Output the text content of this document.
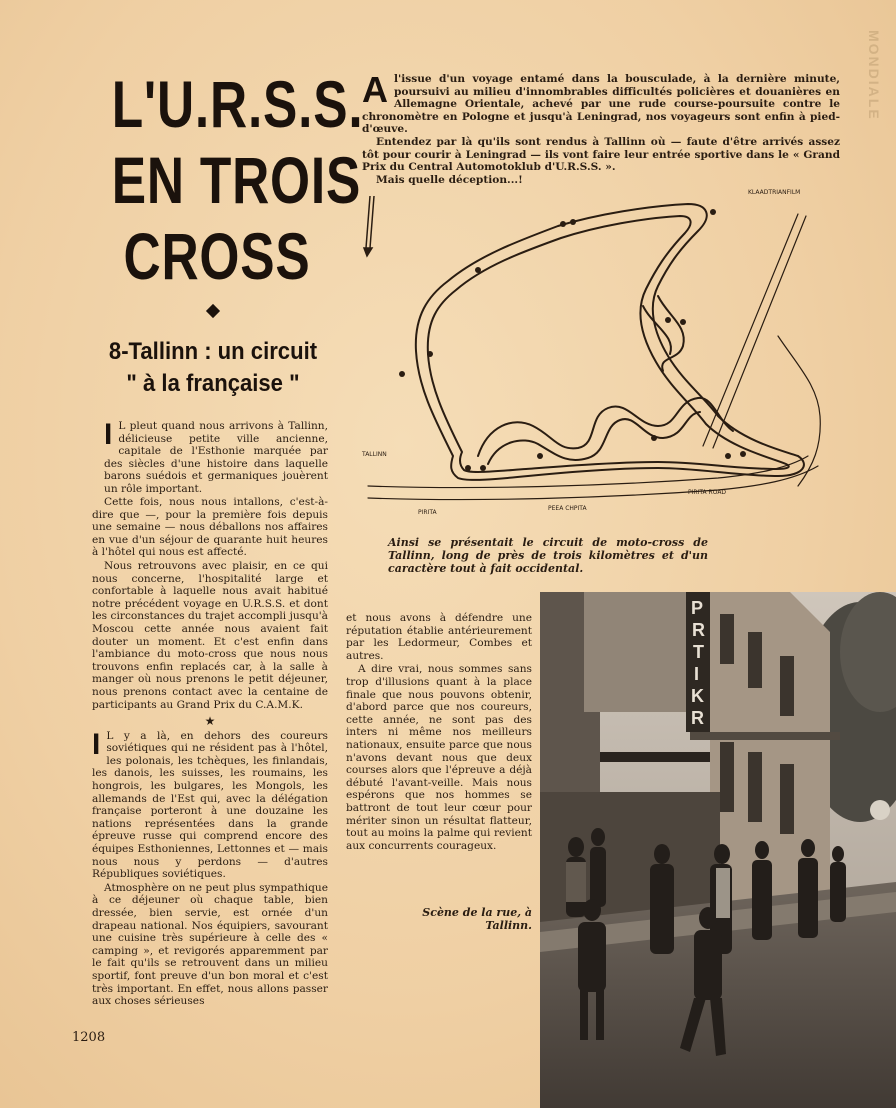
MONDIALE
L'U.R.S.S.
EN TROIS
CROSS
8-Tallinn : un circuit
" à la française "

Al'issue d'un voyage entamé dans la bousculade, à la dernière minute, poursuivi au milieu d'innombrables difficultés policières et douanières en Allemagne Orientale, achevé par une rude course-poursuite contre le chronomètre en Pologne et jusqu'à Leningrad, nos voyageurs sont enfin à pied-d'œuve.

Entendez par là qu'ils sont rendus à Tallinn où — faute d'être arrivés assez tôt pour courir à Leningrad — ils vont faire leur entrée sportive dans le « Grand Prix du Central Automotoklub d'U.R.S.S. ».

Mais quelle déception...!

TALLINN
PIRITA ROAD
PEEA CHPITA
PIRITA
KLAADTRIANFILM
Ainsi se présentait le circuit de moto-cross de Tallinn, long de près de trois kilomètres et d'un caractère tout à fait occidental.

I L pleut quand nous arrivons à Tallinn, délicieuse petite ville ancienne, capitale de l'Esthonie marquée par des siècles d'une histoire dans laquelle barons suédois et germaniques jouèrent un rôle important.

Cette fois, nous nous intallons, c'est-à-dire que —, pour la première fois depuis une semaine — nous déballons nos affaires en vue d'un séjour de quarante huit heures à l'hôtel qui nous est affecté.

Nous retrouvons avec plaisir, en ce qui nous concerne, l'hospitalité large et confortable à laquelle nous avait habitué notre précédent voyage en U.R.S.S. et dont les circonstances du trajet accompli jusqu'à Moscou cette année nous avaient fait douter un moment. Et c'est enfin dans l'ambiance du moto-cross que nous nous trouvons enfin replacés car, à la salle à manger où nous prenons le petit déjeuner, nous prenons contact avec la centaine de participants au Grand Prix du C.A.M.K.

★

I L y a là, en dehors des coureurs soviétiques qui ne résident pas à l'hôtel, les polonais, les tchèques, les finlandais, les danois, les suisses, les roumains, les hongrois, les bulgares, les Mongols, les allemands de l'Est qui, avec la délégation française porteront à une douzaine les nations représentées dans la grande épreuve russe qui comprend encore des équipes Esthoniennes, Lettonnes et — mais nous nous y perdons — d'autres Républiques soviétiques.

Atmosphère on ne peut plus sympathique à ce déjeuner où chaque table, bien dressée, bien servie, est ornée d'un drapeau national. Nos équipiers, savourant une cuisine très supérieure à celle des « camping », et revigorés apparemment par le fait qu'ils se retrouvent dans un milieu sportif, font preuve d'un bon moral et c'est très important. En effet, nous allons passer aux choses sérieuses

et nous avons à défendre une réputation établie antérieurement par les Ledormeur, Combes et autres.

A dire vrai, nous sommes sans trop d'illusions quant à la place finale que nous pouvons obtenir, d'abord parce que nos coureurs, cette année, ne sont pas des inters ni même nos meilleurs nationaux, ensuite parce que nous n'avons devant nous que deux courses alors que l'épreuve a déjà débuté l'avant-veille. Mais nous espérons que nos hommes se battront de tout leur cœur pour mériter sinon un résultat flatteur, tout au moins la palme qui revient aux concurrents courageux.

Scène de la rue, à Tallinn.
P R T I K R
1208
